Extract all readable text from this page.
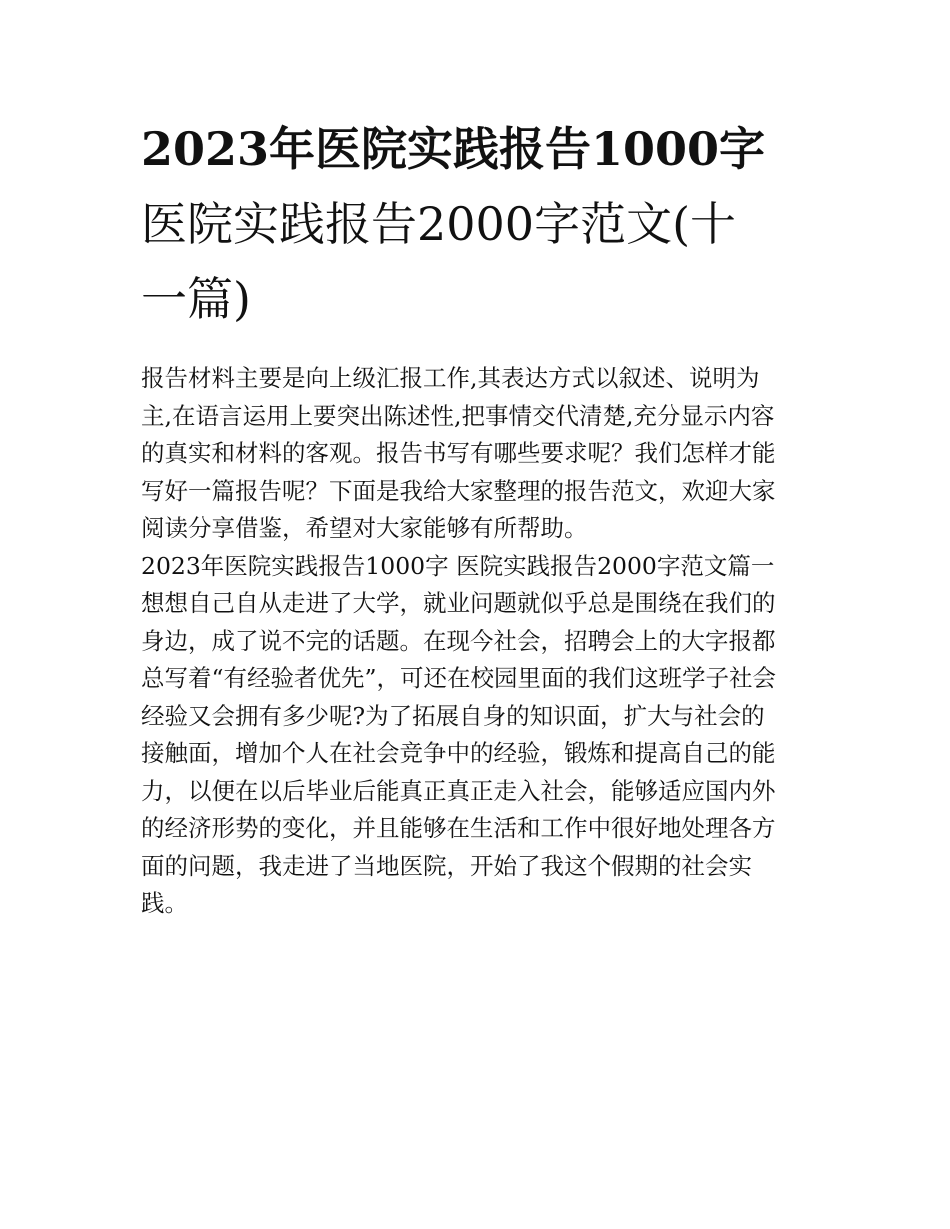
2023年医院实践报告1000字
医院实践报告2000字范文(十
一篇)

报告材料主要是向上级汇报工作,其表达方式以叙述、说明为
主,在语言运用上要突出陈述性,把事情交代清楚,充分显示内容
的真实和材料的客观。报告书写有哪些要求呢？我们怎样才能
写好一篇报告呢？下面是我给大家整理的报告范文，欢迎大家
阅读分享借鉴，希望对大家能够有所帮助。

2023年医院实践报告1000字 医院实践报告2000字范文篇一

想想自己自从走进了大学，就业问题就似乎总是围绕在我们的
身边，成了说不完的话题。在现今社会，招聘会上的大字报都
总写着“有经验者优先”，可还在校园里面的我们这班学子社会
经验又会拥有多少呢?为了拓展自身的知识面，扩大与社会的
接触面，增加个人在社会竞争中的经验，锻炼和提高自己的能
力，以便在以后毕业后能真正真正走入社会，能够适应国内外
的经济形势的变化，并且能够在生活和工作中很好地处理各方
面的问题，我走进了当地医院，开始了我这个假期的社会实
践。
